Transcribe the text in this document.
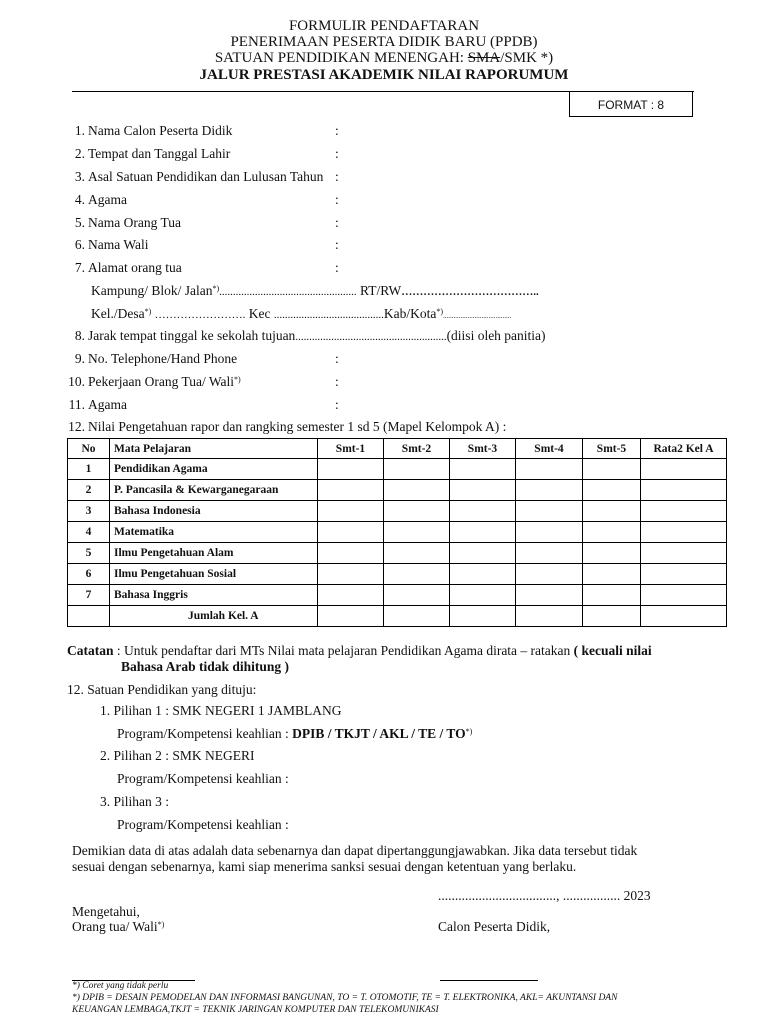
FORMULIR PENDAFTARAN
PENERIMAAN PESERTA DIDIK BARU (PPDB)
SATUAN PENDIDIKAN MENENGAH: SMA/SMK *)
JALUR PRESTASI AKADEMIK NILAI RAPORUMUM
FORMAT : 8
1. Nama Calon Peserta Didik	:
2. Tempat dan Tanggal Lahir	:
3. Asal Satuan Pendidikan dan Lulusan Tahun :
4. Agama	:
5. Nama Orang Tua	:
6. Nama Wali	:
7. Alamat orang tua	:
Kampung/ Blok/ Jalan*).................................................. RT/RW………………………………..
Kel./Desa*) ……………………. Kec ........................................Kab/Kota*).......................................
8. Jarak tempat tinggal ke sekolah tujuan.......................................................(diisi oleh panitia)
9. No. Telephone/Hand Phone	:
10. Pekerjaan Orang Tua/ Wali*)	:
11. Agama	:
12. Nilai Pengetahuan rapor dan rangking semester 1 sd 5 (Mapel Kelompok A) :
No	Mata Pelajaran	Smt-1	Smt-2	Smt-3	Smt-4	Smt-5	Rata2 Kel A
1	Pendidikan Agama						
2	P. Pancasila & Kewarganegaraan						
3	Bahasa Indonesia						
4	Matematika						
5	Ilmu Pengetahuan Alam						
6	Ilmu Pengetahuan Sosial						
7	Bahasa Inggris						
	Jumlah Kel. A						
Catatan : Untuk pendaftar dari MTs Nilai mata pelajaran Pendidikan Agama dirata – ratakan ( kecuali nilai
Bahasa Arab tidak dihitung )
12. Satuan Pendidikan yang dituju:
1. Pilihan 1 : SMK NEGERI 1 JAMBLANG
Program/Kompetensi keahlian : DPIB / TKJT / AKL / TE / TO*)
2. Pilihan 2 : SMK NEGERI
Program/Kompetensi keahlian :
3. Pilihan 3 :
Program/Kompetensi keahlian :
Demikian data di atas adalah data sebenarnya dan dapat dipertanggungjawabkan. Jika data tersebut tidak
sesuai dengan sebenarnya, kami siap menerima sanksi sesuai dengan ketentuan yang berlaku.
..................................., ................. 2023
Mengetahui,
Orang tua/ Wali*)	Calon Peserta Didik,
*) Coret yang tidak perlu
*) DPIB = DESAIN PEMODELAN DAN INFORMASI BANGUNAN, TO = T. OTOMOTIF, TE = T. ELEKTRONIKA, AKL= AKUNTANSI DAN
KEUANGAN LEMBAGA,TKJT = TEKNIK JARINGAN KOMPUTER DAN TELEKOMUNIKASI
